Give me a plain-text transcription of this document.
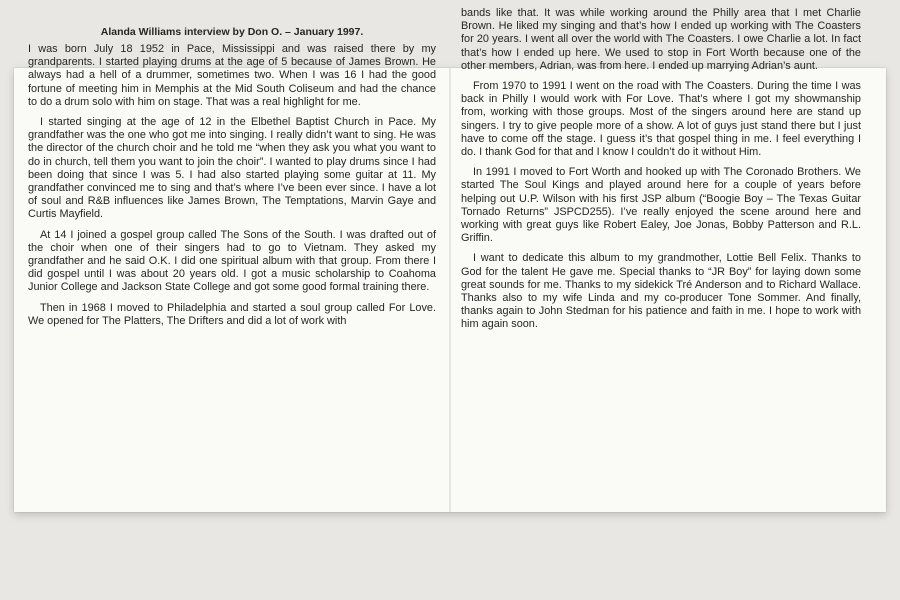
Alanda Williams interview by Don O. – January 1997.

I was born July 18 1952 in Pace, Mississippi and was raised there by my grandparents. I started playing drums at the age of 5 because of James Brown. He always had a hell of a drummer, sometimes two. When I was 16 I had the good fortune of meeting him in Memphis at the Mid South Coliseum and had the chance to do a drum solo with him on stage. That was a real highlight for me.

I started singing at the age of 12 in the Elbethel Baptist Church in Pace. My grandfather was the one who got me into singing. I really didn’t want to sing. He was the director of the church choir and he told me “when they ask you what you want to do in church, tell them you want to join the choir”. I wanted to play drums since I had been doing that since I was 5. I had also started playing some guitar at 11. My grandfather convinced me to sing and that’s where I’ve been ever since. I have a lot of soul and R&B influences like James Brown, The Temptations, Marvin Gaye and Curtis Mayfield.

At 14 I joined a gospel group called The Sons of the South. I was drafted out of the choir when one of their singers had to go to Vietnam. They asked my grandfather and he said O.K. I did one spiritual album with that group. From there I did gospel until I was about 20 years old. I got a music scholarship to Coahoma Junior College and Jackson State College and got some good formal training there.

Then in 1968 I moved to Philadelphia and started a soul group called For Love. We opened for The Platters, The Drifters and did a lot of work with

bands like that. It was while working around the Philly area that I met Charlie Brown. He liked my singing and that’s how I ended up working with The Coasters for 20 years. I went all over the world with The Coasters. I owe Charlie a lot. In fact that’s how I ended up here. We used to stop in Fort Worth because one of the other members, Adrian, was from here. I ended up marrying Adrian’s aunt.

From 1970 to 1991 I went on the road with The Coasters. During the time I was back in Philly I would work with For Love. That’s where I got my showmanship from, working with those groups. Most of the singers around here are stand up singers. I try to give people more of a show. A lot of guys just stand there but I just have to come off the stage. I guess it’s that gospel thing in me. I feel everything I do. I thank God for that and I know I couldn’t do it without Him.

In 1991 I moved to Fort Worth and hooked up with The Coronado Brothers. We started The Soul Kings and played around here for a couple of years before helping out U.P. Wilson with his first JSP album (“Boogie Boy – The Texas Guitar Tornado Returns” JSPCD255). I’ve really enjoyed the scene around here and working with great guys like Robert Ealey, Joe Jonas, Bobby Patterson and R.L. Griffin.

I want to dedicate this album to my grandmother, Lottie Bell Felix. Thanks to God for the talent He gave me. Special thanks to “JR Boy” for laying down some great sounds for me. Thanks to my sidekick Tré Anderson and to Richard Wallace. Thanks also to my wife Linda and my co-producer Tone Sommer. And finally, thanks again to John Stedman for his patience and faith in me. I hope to work with him again soon.
